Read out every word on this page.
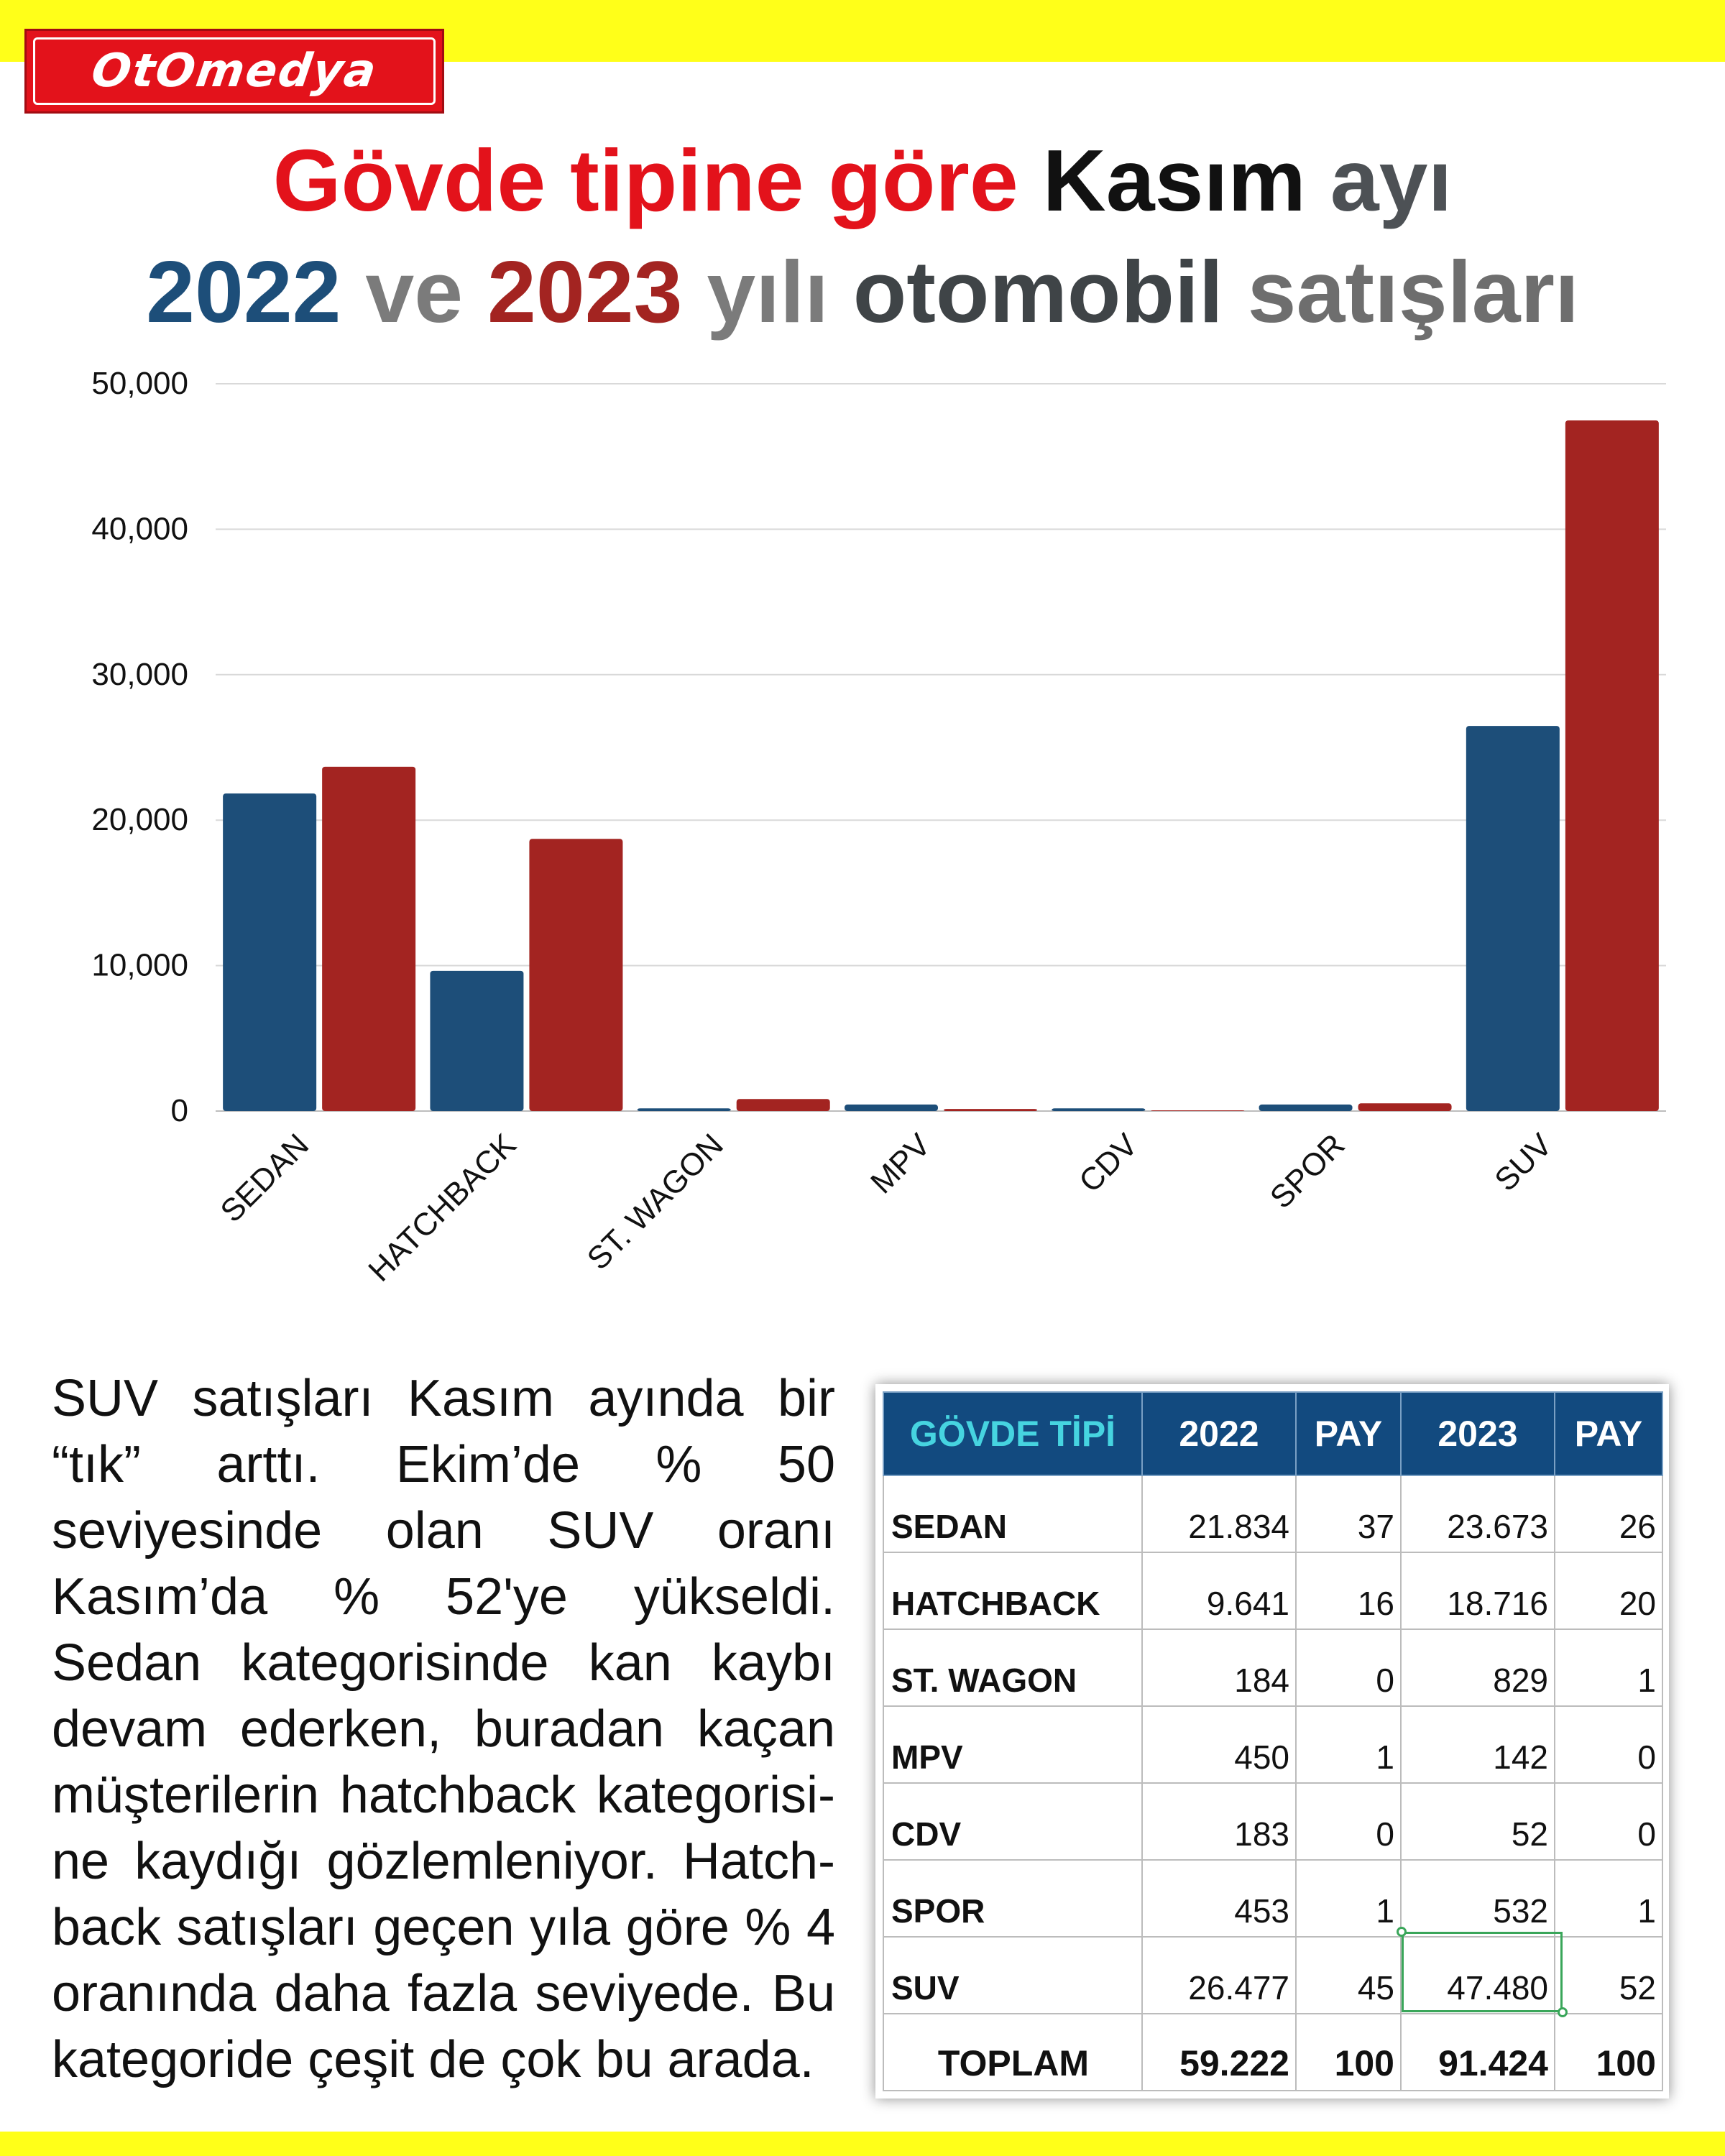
OtOmedya
Gövde tipine göre Kasım ayı
2022 ve 2023 yılı otomobil satışları
0
10,000
20,000
30,000
40,000
50,000
SEDAN HATCHBACK ST. WAGON	MPV	CDV	SPOR	SUV
SUV satışları Kasım ayında bir “tık” arttı. Ekim’de % 50 seviyesinde olan SUV oranı Kasım’da % 52'ye yükseldi. Sedan kategorisinde kan kaybı devam ederken, buradan kaçan müşterilerin hatchback kategorisine kaydığı gözlemleniyor. Hatchback satışları geçen yıla göre % 4 oranında daha fazla seviyede. Bu kategoride çeşit de çok bu arada.
GÖVDE TİPİ	2022	PAY	2023	PAY
SEDAN	21.834	37	23.673	26
HATCHBACK	9.641	16	18.716	20
ST. WAGON	184	0	829	1
MPV	450	1	142	0
CDV	183	0	52	0
SPOR	453	1	532	1
SUV	26.477	45	47.480	52
TOPLAM	59.222	100	91.424	100
